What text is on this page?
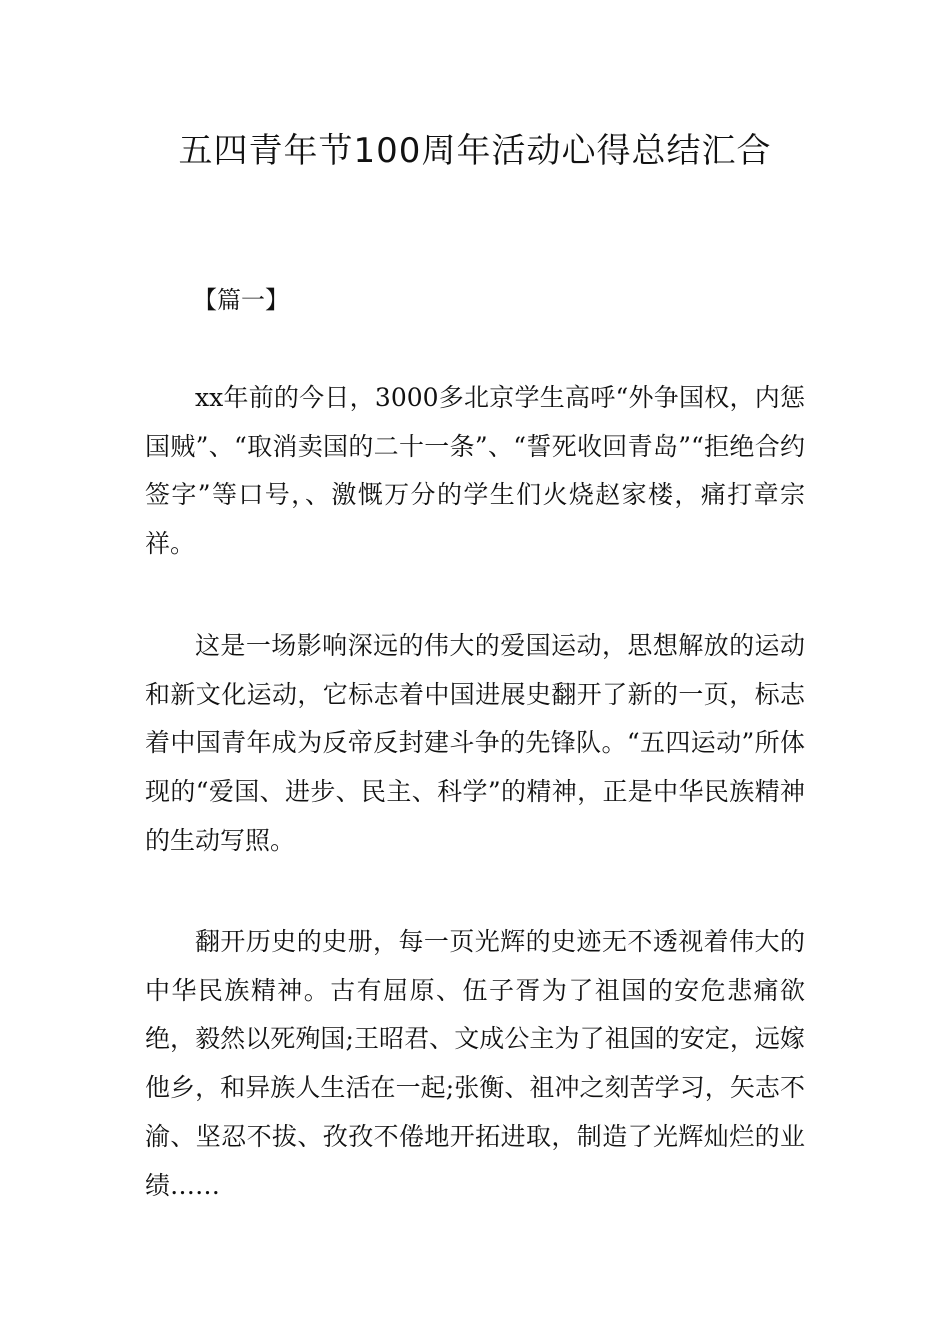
五四青年节100周年活动心得总结汇合

【篇一】

xx年前的今日，3000多北京学生高呼“外争国权，内惩国贼”、“取消卖国的二十一条”、“誓死收回青岛”“拒绝合约签字”等口号，、激慨万分的学生们火烧赵家楼，痛打章宗祥。

这是一场影响深远的伟大的爱国运动，思想解放的运动和新文化运动，它标志着中国进展史翻开了新的一页，标志着中国青年成为反帝反封建斗争的先锋队。“五四运动”所体现的“爱国、进步、民主、科学”的精神，正是中华民族精神的生动写照。

翻开历史的史册，每一页光辉的史迹无不透视着伟大的中华民族精神。古有屈原、伍子胥为了祖国的安危悲痛欲绝，毅然以死殉国;王昭君、文成公主为了祖国的安定，远嫁他乡，和异族人生活在一起;张衡、祖冲之刻苦学习，矢志不渝、坚忍不拔、孜孜不倦地开拓进取，制造了光辉灿烂的业绩……
